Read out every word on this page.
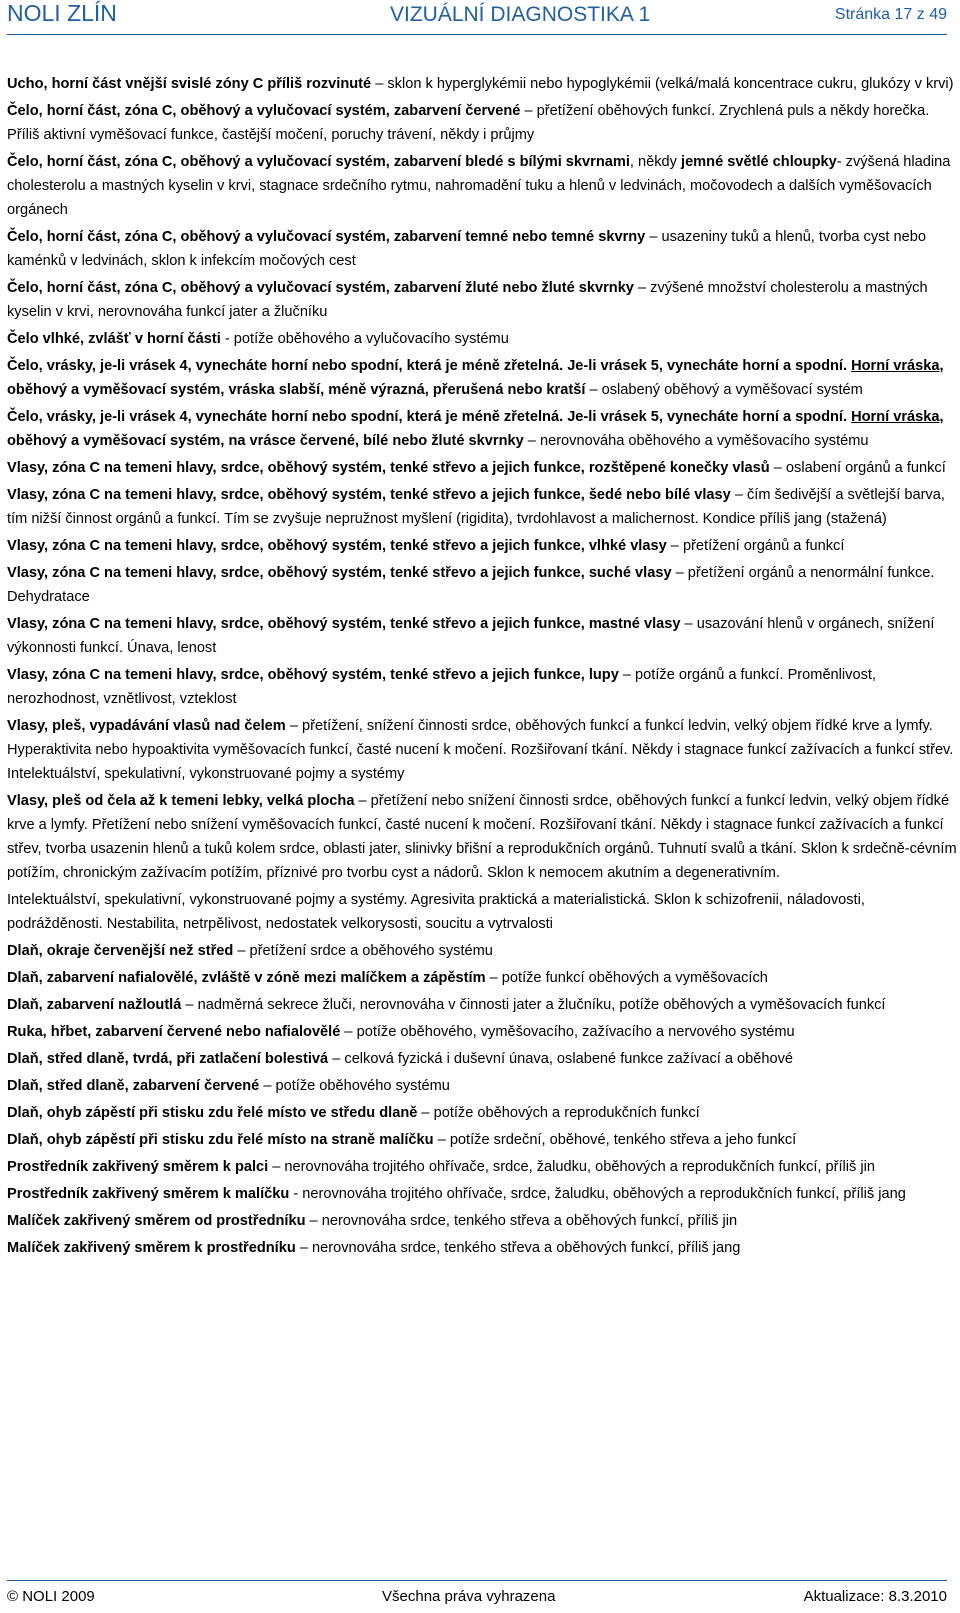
NOLI ZLÍN	VIZUÁLNÍ DIAGNOSTIKA 1	Stránka 17 z 49

Ucho, horní část vnější svislé zóny C příliš rozvinuté – sklon k hyperglykémii nebo hypoglykémii (velká/malá koncentrace cukru, glukózy v krvi)

Čelo, horní část, zóna C, oběhový a vylučovací systém, zabarvení červené – přetížení oběhových funkcí. Zrychlená puls a někdy horečka. Příliš aktivní vyměšovací funkce, častější močení, poruchy trávení, někdy i průjmy

Čelo, horní část, zóna C, oběhový a vylučovací systém, zabarvení bledé s bílými skvrnami, někdy jemné světlé chloupky- zvýšená hladina cholesterolu a mastných kyselin v krvi, stagnace srdečního rytmu, nahromadění tuku a hlenů v ledvinách, močovodech a dalších vyměšovacích orgánech

Čelo, horní část, zóna C, oběhový a vylučovací systém, zabarvení temné nebo temné skvrny – usazeniny tuků a hlenů, tvorba cyst nebo kaménků v ledvinách, sklon k infekcím močových cest

Čelo, horní část, zóna C, oběhový a vylučovací systém, zabarvení žluté nebo žluté skvrnky – zvýšené množství cholesterolu a mastných kyselin v krvi, nerovnováha funkcí jater a žlučníku

Čelo vlhké, zvlášť v horní části - potíže oběhového a vylučovacího systému

Čelo, vrásky, je-li vrásek 4, vynecháte horní nebo spodní, která je méně zřetelná. Je-li vrásek 5, vynecháte horní a spodní. Horní vráska, oběhový a vyměšovací systém, vráska slabší, méně výrazná, přerušená nebo kratší – oslabený oběhový a vyměšovací systém

Čelo, vrásky, je-li vrásek 4, vynecháte horní nebo spodní, která je méně zřetelná. Je-li vrásek 5, vynecháte horní a spodní. Horní vráska, oběhový a vyměšovací systém, na vrásce červené, bílé nebo žluté skvrnky – nerovnováha oběhového a vyměšovacího systému

Vlasy, zóna C na temeni hlavy, srdce, oběhový systém, tenké střevo a jejich funkce, rozštěpené konečky vlasů – oslabení orgánů a funkcí

Vlasy, zóna C na temeni hlavy, srdce, oběhový systém, tenké střevo a jejich funkce, šedé nebo bílé vlasy – čím šedivější a světlejší barva, tím nižší činnost orgánů a funkcí. Tím se zvyšuje nepružnost myšlení (rigidita), tvrdohlavost a malichernost. Kondice příliš jang (stažená)

Vlasy, zóna C na temeni hlavy, srdce, oběhový systém, tenké střevo a jejich funkce, vlhké vlasy – přetížení orgánů a funkcí

Vlasy, zóna C na temeni hlavy, srdce, oběhový systém, tenké střevo a jejich funkce, suché vlasy – přetížení orgánů a nenormální funkce. Dehydratace

Vlasy, zóna C na temeni hlavy, srdce, oběhový systém, tenké střevo a jejich funkce, mastné vlasy – usazování hlenů v orgánech, snížení výkonnosti funkcí. Únava, lenost

Vlasy, zóna C na temeni hlavy, srdce, oběhový systém, tenké střevo a jejich funkce, lupy – potíže orgánů a funkcí. Proměnlivost, nerozhodnost, vznětlivost, vzteklost

Vlasy, pleš, vypadávání vlasů nad čelem – přetížení, snížení činnosti srdce, oběhových funkcí a funkcí ledvin, velký objem řídké krve a lymfy. Hyperaktivita nebo hypoaktivita vyměšovacích funkcí, časté nucení k močení. Rozšiřovaní tkání. Někdy i stagnace funkcí zažívacích a funkcí střev. Intelektuálství, spekulativní, vykonstruované pojmy a systémy

Vlasy, pleš od čela až k temeni lebky, velká plocha – přetížení nebo snížení činnosti srdce, oběhových funkcí a funkcí ledvin, velký objem řídké krve a lymfy. Přetížení nebo snížení vyměšovacích funkcí, časté nucení k močení. Rozšiřovaní tkání. Někdy i stagnace funkcí zažívacích a funkcí střev, tvorba usazenin hlenů a tuků kolem srdce, oblasti jater, slinivky břišní a reprodukčních orgánů. Tuhnutí svalů a tkání. Sklon k srdečně-cévním potížím, chronickým zažívacím potížím, příznivé pro tvorbu cyst a nádorů. Sklon k nemocem akutním a degenerativním.

Intelektuálství, spekulativní, vykonstruované pojmy a systémy. Agresivita praktická a materialistická. Sklon k schizofrenii, náladovosti, podrážděnosti. Nestabilita, netrpělivost, nedostatek velkorysosti, soucitu a vytrvalosti

Dlaň, okraje červenější než střed – přetížení srdce a oběhového systému

Dlaň, zabarvení nafialovělé, zvláště v zóně mezi malíčkem a zápěstím – potíže funkcí oběhových a vyměšovacích

Dlaň, zabarvení nažloutlá – nadměrná sekrece žluči, nerovnováha v činnosti jater a žlučníku, potíže oběhových a vyměšovacích funkcí

Ruka, hřbet, zabarvení červené nebo nafialovělé – potíže oběhového, vyměšovacího, zažívacího a nervového systému

Dlaň, střed dlaně, tvrdá, při zatlačení bolestivá – celková fyzická i duševní únava, oslabené funkce zažívací a oběhové

Dlaň, střed dlaně, zabarvení červené – potíže oběhového systému

Dlaň, ohyb zápěstí při stisku zdu řelé místo ve středu dlaně – potíže oběhových a reprodukčních funkcí

Dlaň, ohyb zápěstí při stisku zdu řelé místo na straně malíčku – potíže srdeční, oběhové, tenkého střeva a jeho funkcí

Prostředník zakřivený směrem k palci – nerovnováha trojitého ohřívače, srdce, žaludku, oběhových a reprodukčních funkcí, příliš jin

Prostředník zakřivený směrem k malíčku - nerovnováha trojitého ohřívače, srdce, žaludku, oběhových a reprodukčních funkcí, příliš jang

Malíček zakřivený směrem od prostředníku – nerovnováha srdce, tenkého střeva a oběhových funkcí, příliš jin

Malíček zakřivený směrem k prostředníku – nerovnováha srdce, tenkého střeva a oběhových funkcí, příliš jang

© NOLI 2009	Všechna práva vyhrazena	Aktualizace: 8.3.2010
